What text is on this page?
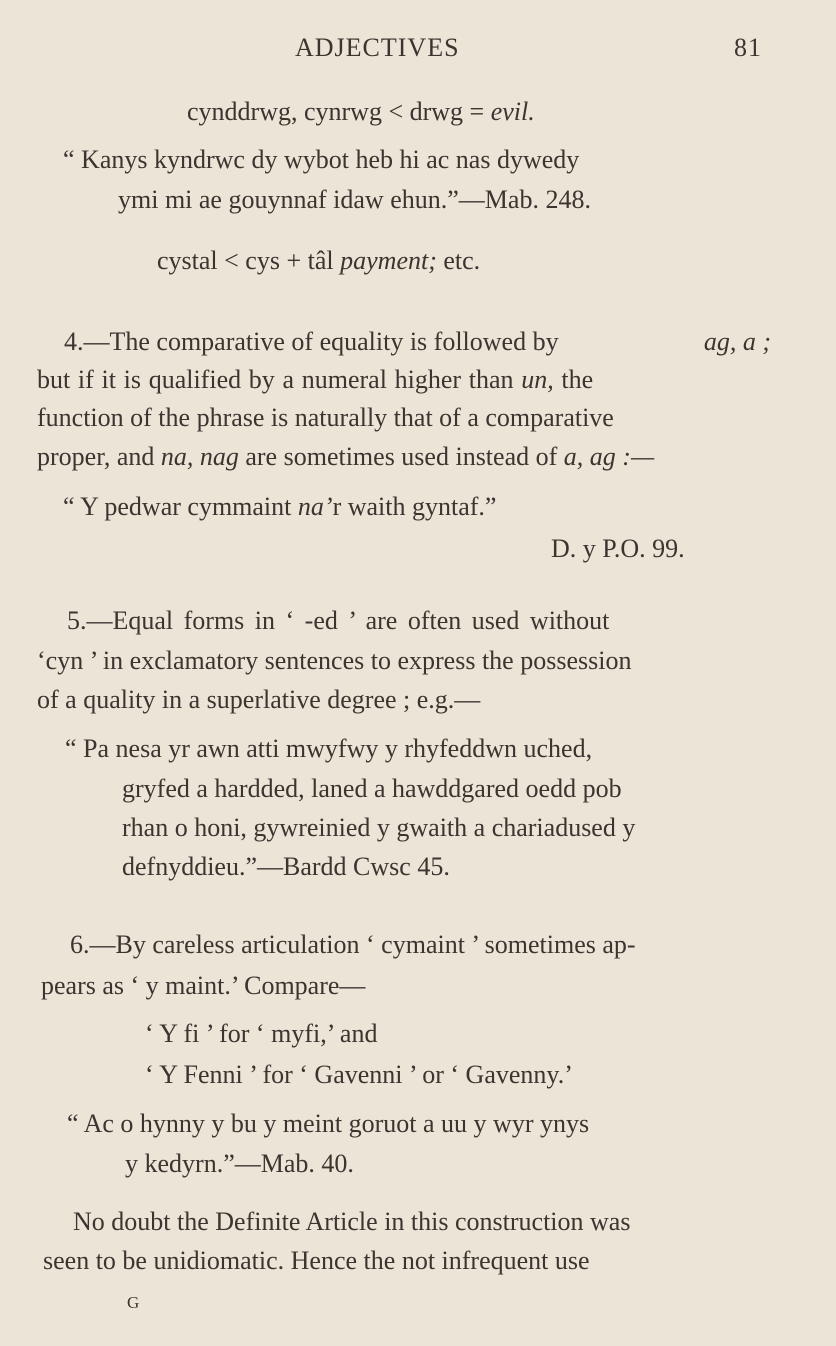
ADJECTIVES	81
cynddrwg, cynrwg < drwg = evil.
“ Kanys kyndrwc dy wybot heb hi ac nas dywedy
ymi mi ae gouynnaf idaw ehun.”—Mab. 248.
cystal < cys + tâl payment; etc.
4.—The comparative of equality is followed by	ag, a ;
but if it is qualified by a numeral higher than un, the
function of the phrase is naturally that of a comparative
proper, and na, nag are sometimes used instead of a, ag :—
“ Y pedwar cymmaint na’r waith gyntaf.”
D. y P.O. 99.
5.—Equal forms in ‘ -ed ’ are often used without
‘cyn ’ in exclamatory sentences to express the possession
of a quality in a superlative degree ; e.g.—
“ Pa nesa yr awn atti mwyfwy y rhyfeddwn uched,
gryfed a hardded, laned a hawddgared oedd pob
rhan o honi, gywreinied y gwaith a chariadused y
defnyddieu.”—Bardd Cwsc 45.
6.—By careless articulation ‘ cymaint ’ sometimes ap-
pears as ‘ y maint.’ Compare—
‘ Y fi ’ for ‘ myfi,’ and
‘ Y Fenni ’ for ‘ Gavenni ’ or ‘ Gavenny.’
“ Ac o hynny y bu y meint goruot a uu y wyr ynys
y kedyrn.”—Mab. 40.
No doubt the Definite Article in this construction was
seen to be unidiomatic. Hence the not infrequent use
G
